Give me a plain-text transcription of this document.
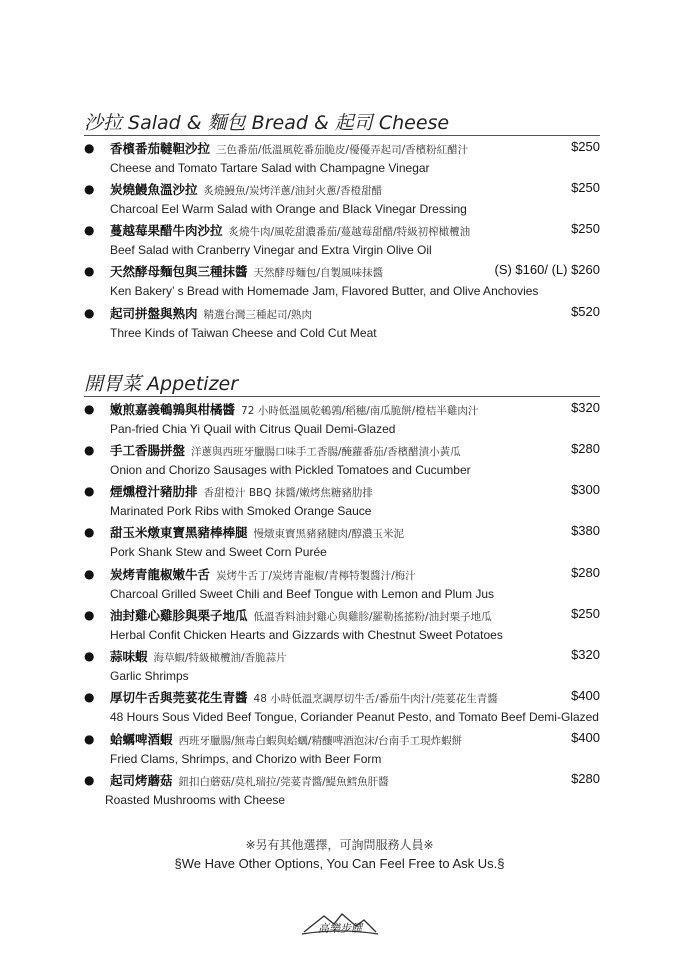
沙拉 Salad & 麵包 Bread & 起司 Cheese
● 香檳番茄韃靼沙拉 三色番茄/低溫風乾番茄脆皮/優優弄起司/香檳粉紅醋汁	$250
Cheese and Tomato Tartare Salad with Champagne Vinegar
● 炭燒鰻魚溫沙拉 炙燒鰻魚/炭烤洋蔥/油封火蔥/香橙甜醋	$250
Charcoal Eel Warm Salad with Orange and Black Vinegar Dressing
● 蔓越莓果醋牛肉沙拉 炙燒牛肉/風乾甜濃番茄/蔓越莓甜醋/特級初榨橄欖油	$250
Beef Salad with Cranberry Vinegar and Extra Virgin Olive Oil
● 天然酵母麵包與三種抹醬 天然酵母麵包/自製風味抹醬	(S) $160/ (L) $260
Ken Bakery’ s Bread with Homemade Jam, Flavored Butter, and Olive Anchovies
● 起司拼盤與熟肉 精選台灣三種起司/熟肉	$520
Three Kinds of Taiwan Cheese and Cold Cut Meat
開胃菜 Appetizer
● 嫩煎嘉義鵪鶉與柑橘醬 72 小時低溫風乾鵪鶉/稻穗/南瓜脆餅/橙桔半雞肉汁	$320
Pan-fried Chia Yi Quail with Citrus Quail Demi-Glazed
● 手工香腸拼盤 洋蔥與西班牙臘腸口味手工香腸/醃蘿番茄/香檳醋漬小黃瓜	$280
Onion and Chorizo Sausages with Pickled Tomatoes and Cucumber
● 煙燻橙汁豬肋排 香甜橙汁 BBQ 抹醬/嫩烤焦糖豬肋排	$300
Marinated Pork Ribs with Smoked Orange Sauce
● 甜玉米燉東寶黑豬棒棒腿 慢燉東寶黑豬豬腱肉/醇濃玉米泥	$380
Pork Shank Stew and Sweet Corn Purée
● 炭烤青龍椒嫩牛舌 炭烤牛舌丁/炭烤青龍椒/青檸特製醬汁/梅汁	$280
Charcoal Grilled Sweet Chili and Beef Tongue with Lemon and Plum Jus
● 油封雞心雞胗與栗子地瓜 低溫香料油封雞心與雞胗/羅勒搖搖粉/油封栗子地瓜	$250
Herbal Confit Chicken Hearts and Gizzards with Chestnut Sweet Potatoes
● 蒜味蝦 海草蝦/特級橄欖油/香脆蒜片	$320
Garlic Shrimps
● 厚切牛舌與莞荽花生青醬 48 小時低溫烹調厚切牛舌/番茄牛肉汁/莞荽花生青醬	$400
48 Hours Sous Vided Beef Tongue, Coriander Peanut Pesto, and Tomato Beef Demi-Glazed
● 蛤蠣啤酒蝦 西班牙臘腸/無毒白蝦與蛤蠣/精釀啤酒泡沫/台南手工現炸蝦餅	$400
Fried Clams, Shrimps, and Chorizo with Beer Form
● 起司烤蘑菇 鈕扣白蘑菇/莫札瑞拉/莞荽青醬/鯷魚鱈魚肝醬	$280
Roasted Mushrooms with Cheese
※另有其他選擇，可詢問服務人員※
§We Have Other Options, You Can Feel Free to Ask Us.§
高樂步饌
